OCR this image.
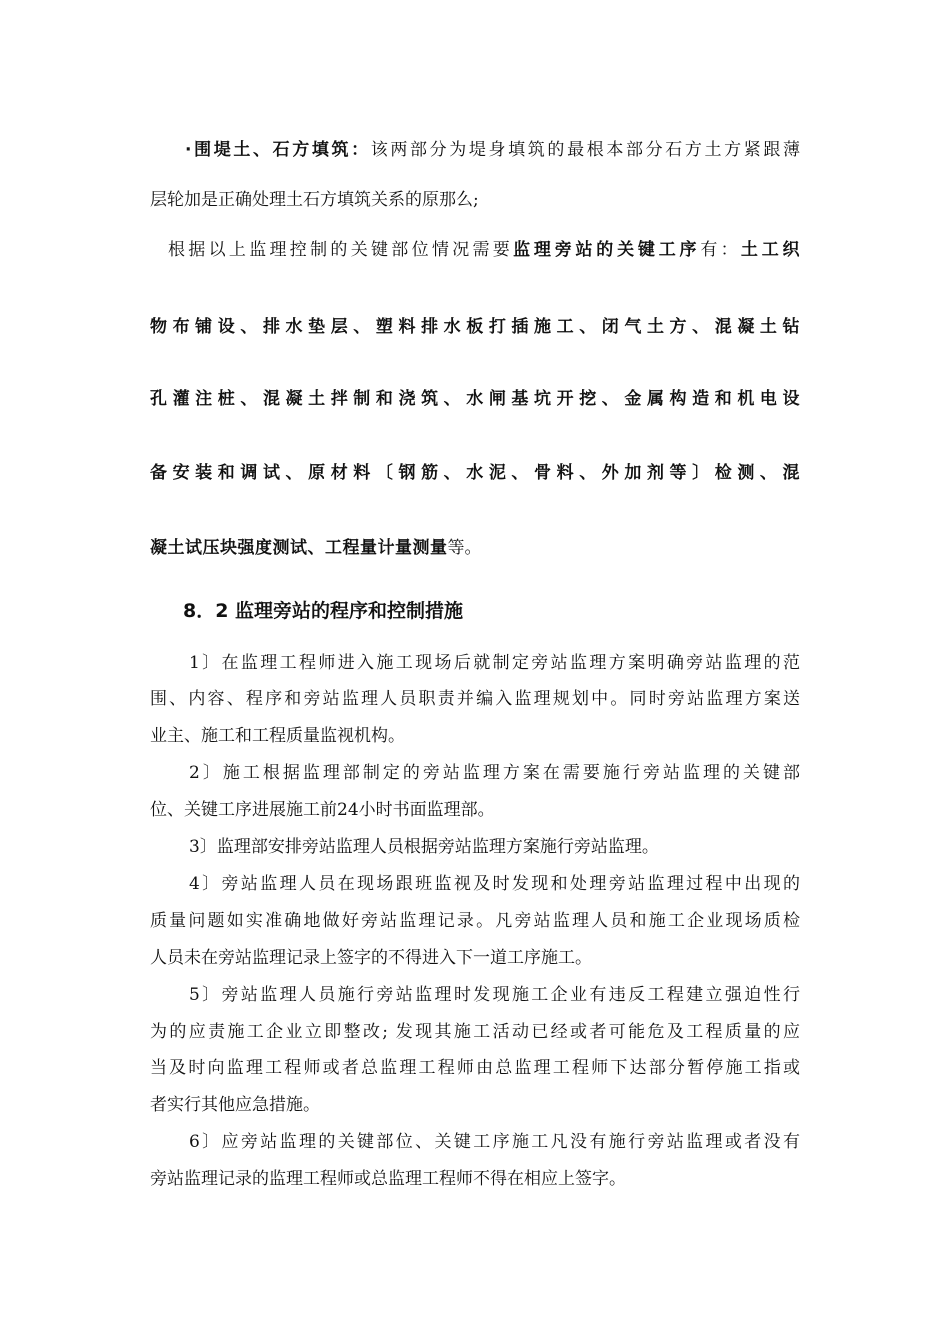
·围堤土、石方填筑：该两部分为堤身填筑的最根本部分石方土方紧跟薄
层轮加是正确处理土石方填筑关系的原那么;
根据以上监理控制的关键部位情况需要监理旁站的关键工序有：土工织
物布铺设、排水垫层、塑料排水板打插施工、闭气土方、混凝土钻
孔灌注桩、混凝土拌制和浇筑、水闸基坑开挖、金属构造和机电设
备安装和调试、原材料〔钢筋、水泥、骨料、外加剂等〕检测、混
凝土试压块强度测试、工程量计量测量等。
8．2 监理旁站的程序和控制措施
1〕在监理工程师进入施工现场后就制定旁站监理方案明确旁站监理的范
围、内容、程序和旁站监理人员职责并编入监理规划中。同时旁站监理方案送
业主、施工和工程质量监视机构。
2〕施工根据监理部制定的旁站监理方案在需要施行旁站监理的关键部
位、关键工序进展施工前24小时书面监理部。
3〕监理部安排旁站监理人员根据旁站监理方案施行旁站监理。
4〕旁站监理人员在现场跟班监视及时发现和处理旁站监理过程中出现的
质量问题如实准确地做好旁站监理记录。凡旁站监理人员和施工企业现场质检
人员未在旁站监理记录上签字的不得进入下一道工序施工。
5〕旁站监理人员施行旁站监理时发现施工企业有违反工程建立强迫性行
为的应责施工企业立即整改; 发现其施工活动已经或者可能危及工程质量的应
当及时向监理工程师或者总监理工程师由总监理工程师下达部分暂停施工指或
者实行其他应急措施。
6〕应旁站监理的关键部位、关键工序施工凡没有施行旁站监理或者没有
旁站监理记录的监理工程师或总监理工程师不得在相应上签字。
